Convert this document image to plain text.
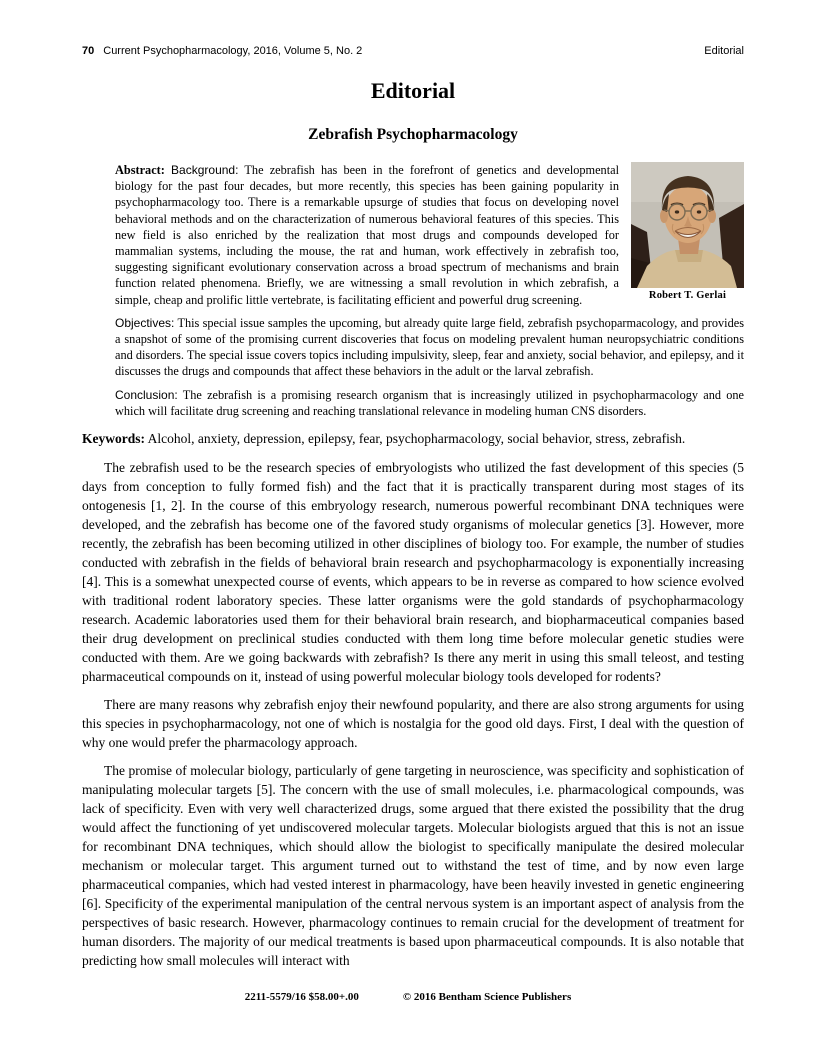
70 Current Psychopharmacology, 2016, Volume 5, No. 2	Editorial
Editorial
Zebrafish Psychopharmacology
Robert T. Gerlai

Abstract: Background: The zebrafish has been in the forefront of genetics and developmental biology for the past four decades, but more recently, this species has been gaining popularity in psychopharmacology too. There is a remarkable upsurge of studies that focus on developing novel behavioral methods and on the characterization of numerous behavioral features of this species. This new field is also enriched by the realization that most drugs and compounds developed for mammalian systems, including the mouse, the rat and human, work effectively in zebrafish too, suggesting significant evolutionary conservation across a broad spectrum of mechanisms and brain function related phenomena. Briefly, we are witnessing a small revolution in which zebrafish, a simple, cheap and prolific little vertebrate, is facilitating efficient and powerful drug screening.

Objectives: This special issue samples the upcoming, but already quite large field, zebrafish psychoparmacology, and provides a snapshot of some of the promising current discoveries that focus on modeling prevalent human neuropsychiatric conditions and disorders. The special issue covers topics including impulsivity, sleep, fear and anxiety, social behavior, and epilepsy, and it discusses the drugs and compounds that affect these behaviors in the adult or the larval zebrafish.

Conclusion: The zebrafish is a promising research organism that is increasingly utilized in psychopharmacology and one which will facilitate drug screening and reaching translational relevance in modeling human CNS disorders.

Keywords: Alcohol, anxiety, depression, epilepsy, fear, psychopharmacology, social behavior, stress, zebrafish.

The zebrafish used to be the research species of embryologists who utilized the fast development of this species (5 days from conception to fully formed fish) and the fact that it is practically transparent during most stages of its ontogenesis [1, 2]. In the course of this embryology research, numerous powerful recombinant DNA techniques were developed, and the zebrafish has become one of the favored study organisms of molecular genetics [3]. However, more recently, the zebrafish has been becoming utilized in other disciplines of biology too. For example, the number of studies conducted with zebrafish in the fields of behavioral brain research and psychopharmacology is exponentially increasing [4]. This is a somewhat unexpected course of events, which appears to be in reverse as compared to how science evolved with traditional rodent laboratory species. These latter organisms were the gold standards of psychopharmacology research. Academic laboratories used them for their behavioral brain research, and biopharmaceutical companies based their drug development on preclinical studies conducted with them long time before molecular genetic studies were conducted with them. Are we going backwards with zebrafish? Is there any merit in using this small teleost, and testing pharmaceutical compounds on it, instead of using powerful molecular biology tools developed for rodents?

There are many reasons why zebrafish enjoy their newfound popularity, and there are also strong arguments for using this species in psychopharmacology, not one of which is nostalgia for the good old days. First, I deal with the question of why one would prefer the pharmacology approach.

The promise of molecular biology, particularly of gene targeting in neuroscience, was specificity and sophistication of manipulating molecular targets [5]. The concern with the use of small molecules, i.e. pharmacological compounds, was lack of specificity. Even with very well characterized drugs, some argued that there existed the possibility that the drug would affect the functioning of yet undiscovered molecular targets. Molecular biologists argued that this is not an issue for recombinant DNA techniques, which should allow the biologist to specifically manipulate the desired molecular mechanism or molecular target. This argument turned out to withstand the test of time, and by now even large pharmaceutical companies, which had vested interest in pharmacology, have been heavily invested in genetic engineering [6]. Specificity of the experimental manipulation of the central nervous system is an important aspect of analysis from the perspectives of basic research. However, pharmacology continues to remain crucial for the development of treatment for human disorders. The majority of our medical treatments is based upon pharmaceutical compounds. It is also notable that predicting how small molecules will interact with

2211-5579/16 $58.00+.00	© 2016 Bentham Science Publishers
